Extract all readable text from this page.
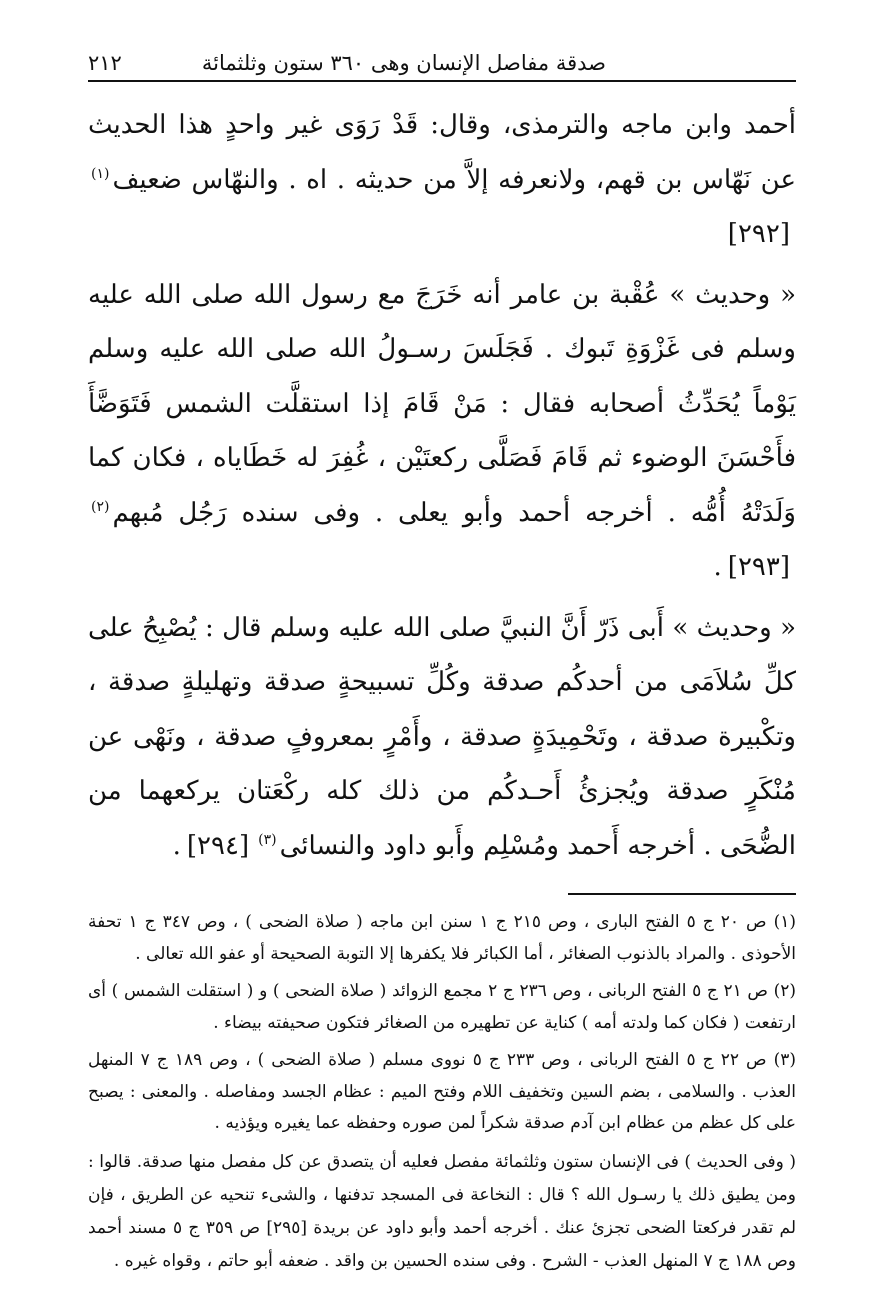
صدقة مفاصل الإنسان وهى ٣٦٠ ستون وثلثمائة
٢١٢

أحمد وابن ماجه والترمذى، وقال: قَدْ رَوَى غير واحدٍ هذا الحديث عن نَهّاس بن قهم، ولانعرفه إلاَّ من حديثه . اه . والنهّاس ضعيف$^{(١)}$[٢٩٢]

« وحديث » عُقْبة بن عامر أنه خَرَجَ مع رسول الله صلى الله عليه وسلم فى غَزْوَةِ تَبوك . فَجَلَسَ رسـولُ الله صلى الله عليه وسلم يَوْماً يُحَدِّثُ أصحابه فقال : مَنْ قَامَ إذا استقلَّت الشمس فَتَوَضَّأَ فأَحْسَنَ الوضوء ثم قَامَ فَصَلَّى ركعتَيْن ، غُفِرَ له خَطَاياه ، فكان كما وَلَدَتْهُ أُمُّه . أخرجه أحمد وأبو يعلى . وفى سنده رَجُل مُبهم$^{(٢)}$[٢٩٣].

« وحديث » أَبى ذَرّ أَنَّ النبيَّ صلى الله عليه وسلم قال : يُصْبِحُ على كلِّ سُلاَمَى من أحدكُم صدقة وكُلِّ تسبيحةٍ صدقة وتهليلةٍ صدقة ، وتكْبيرة صدقة ، وتَحْمِيدَةٍ صدقة ، وأَمْرٍ بمعروفٍ صدقة ، ونَهْى عن مُنْكَرٍ صدقة ويُجزئُ أَحـدكُم من ذلك كله ركْعَتان يركعهما من الضُّحَى . أخرجه أَحمد ومُسْلِم وأَبو داود والنسائى$^{(٣)}$[٢٩٤].

(١) ص ٢٠ ج ٥ الفتح البارى ، وص ٢١٥ ج ١ سنن ابن ماجه ( صلاة الضحى ) ، وص ٣٤٧ ج ١ تحفة الأحوذى . والمراد بالذنوب الصغائر ، أما الكبائر فلا يكفرها إلا التوبة الصحيحة أو عفو الله تعالى .

(٢) ص ٢١ ج ٥ الفتح الربانى ، وص ٢٣٦ ج ٢ مجمع الزوائد ( صلاة الضحى ) و ( استقلت الشمس ) أى ارتفعت ( فكان كما ولدته أمه ) كناية عن تطهيره من الصغائر فتكون صحيفته بيضاء .

(٣) ص ٢٢ ج ٥ الفتح الربانى ، وص ٢٣٣ ج ٥ نووى مسلم ( صلاة الضحى ) ، وص ١٨٩ ج ٧ المنهل العذب . والسلامى ، بضم السين وتخفيف اللام وفتح الميم : عظام الجسد ومفاصله . والمعنى : يصبح على كل عظم من عظام ابن آدم صدقة شكراً لمن صوره وحفظه عما يغيره ويؤذيه .

( وفى الحديث ) فى الإنسان ستون وثلثمائة مفصل فعليه أن يتصدق عن كل مفصل منها صدقة. قالوا : ومن يطيق ذلك يا رسـول الله ؟ قال : النخاعة فى المسجد تدفنها ، والشىء تنحيه عن الطريق ، فإن لم تقدر فركعتا الضحى تجزئ عنك . أخرجه أحمد وأبو داود عن بريدة [٢٩٥] ص ٣٥٩ ج ٥ مسند أحمد وص ١٨٨ ج ٧ المنهل العذب - الشرح . وفى سنده الحسين بن واقد . ضعفه أبو حاتم ، وقواه غيره .
